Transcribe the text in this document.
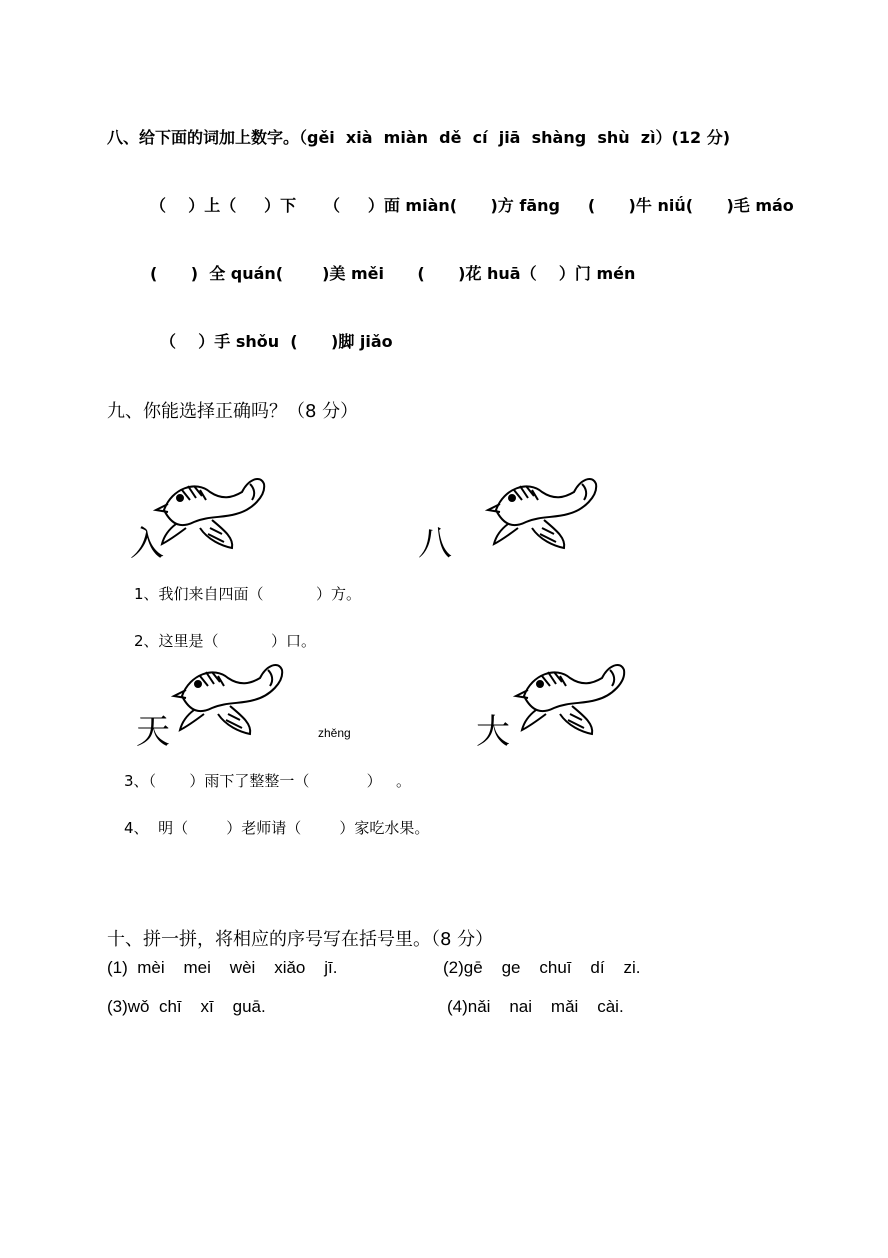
八、给下面的词加上数字。（gěi  xià  miàn  dě  cí  jiā  shàng  shù  zì）(12 分)
（    ）上（     ）下     （     ）面 miàn(      )方 fāng     (      )牛 niǘ(      )毛 máo
(      )  全 quán(       )美 měi      (      )花 huā（    ）门 mén
（    ）手 shǒu  (      )脚 jiǎo
九、你能选择正确吗？（8 分）
入	八
1、我们来自四面（           ）方。
2、这里是（           ）口。
天	大
zhěng
3、（       ）雨下了整整一（            ）   。
4、  明（        ）老师请（        ）家吃水果。
十、拼一拼，将相应的序号写在括号里。（8 分）
(1)  mèi    mei    wèi    xiǎo    jī.	(2)gē    ge    chuī    dí    zi.
(3)wǒ  chī    xī    guā.	(4)nǎi    nai    mǎi    cài.
